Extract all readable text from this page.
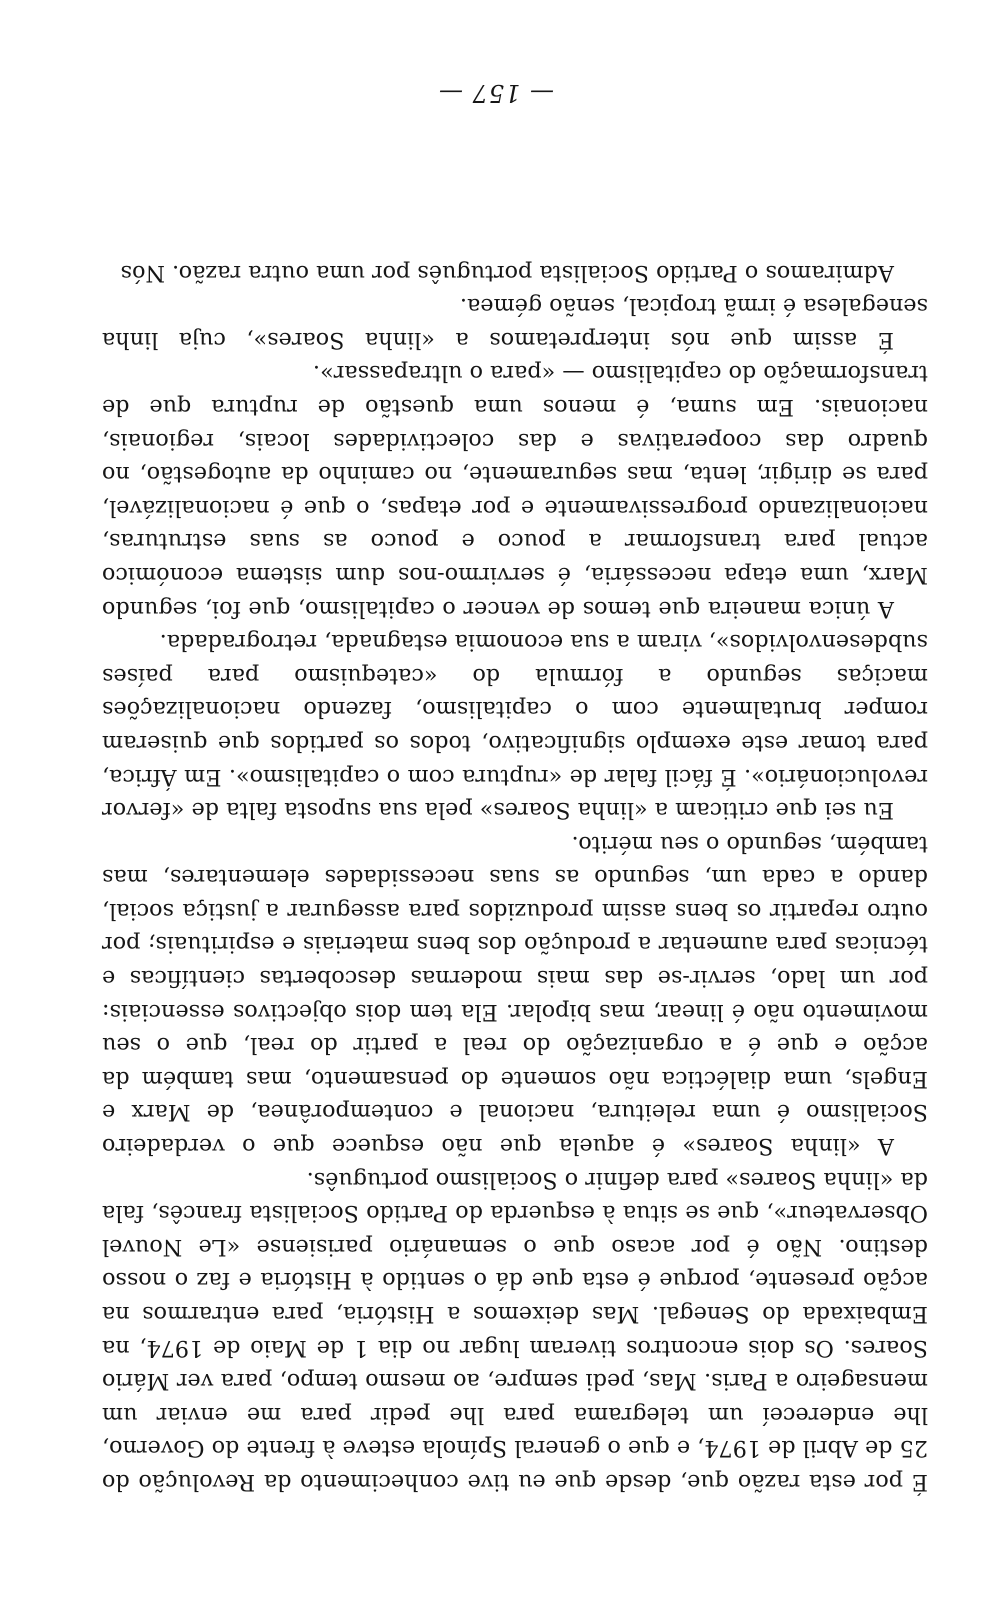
É por esta razão que, desde que eu tive conhecimento da Revolução do 25 de Abril de 1974, e que o general Spínola esteve à frente do Governo, lhe endereceí um telegrama para lhe pedir para me enviar um mensageiro a Paris. Mas, pedi sempre, ao mesmo tempo, para ver Mário Soares. Os dois encontros tiveram lugar no dia 1 de Maio de 1974, na Embaixada do Senegal. Mas deixemos a História, para entrarmos na acção presente, porque é esta que dá o sentido à História e faz o nosso destino. Não é por acaso que o semanário parisiense «Le Nouvel Observateur», que se situa à esquerda do Partido Socialista francês, fala da «linha Soares» para definir o Socialismo português.

A «linha Soares» é aquela que não esquece que o verdadeiro Socialismo é uma releitura, nacional e contemporânea, de Marx e Engels, uma dialéctica não somente do pensamento, mas também da acção e que é a organização do real a partir do real, que o seu movimento não é linear, mas bipolar. Ela tem dois objectivos essenciais: por um lado, servir-se das mais modernas descobertas científicas e técnicas para aumentar a produção dos bens materiais e espirituais; por outro repartir os bens assim produzidos para assegurar a justiça social, dando a cada um, segundo as suas necessidades elementares, mas também, segundo o seu mérito.

Eu sei que criticam a «linha Soares» pela sua suposta falta de «fervor revolucionário». É fácil falar de «ruptura com o capitalismo». Em África, para tomar este exemplo significativo, todos os partidos que quiseram romper brutalmente com o capitalismo, fazendo nacionalizações maciças segundo a fórmula do «catequismo para países subdesenvolvidos», viram a sua economia estagnada, retrogradada.

A única maneira que temos de vencer o capitalismo, que foi, segundo Marx, uma etapa necessária, é servirmo-nos dum sistema económico actual para transformar a pouco e pouco as suas estruturas, nacionalizando progressivamente e por etapas, o que é nacionalizável, para se dirigir, lenta, mas seguramente, no caminho da autogestão, no quadro das cooperativas e das colectividades locais, regionais, nacionais. Em suma, é menos uma questão de ruptura que de transformação do capitalismo — «para o ultrapassar».

É assim que nós interpretamos a «linha Soares», cuja linha senegalesa é irmã tropical, senão gémea.

Admiramos o Partido Socialista português por uma outra razão. Nós

— 157 —
